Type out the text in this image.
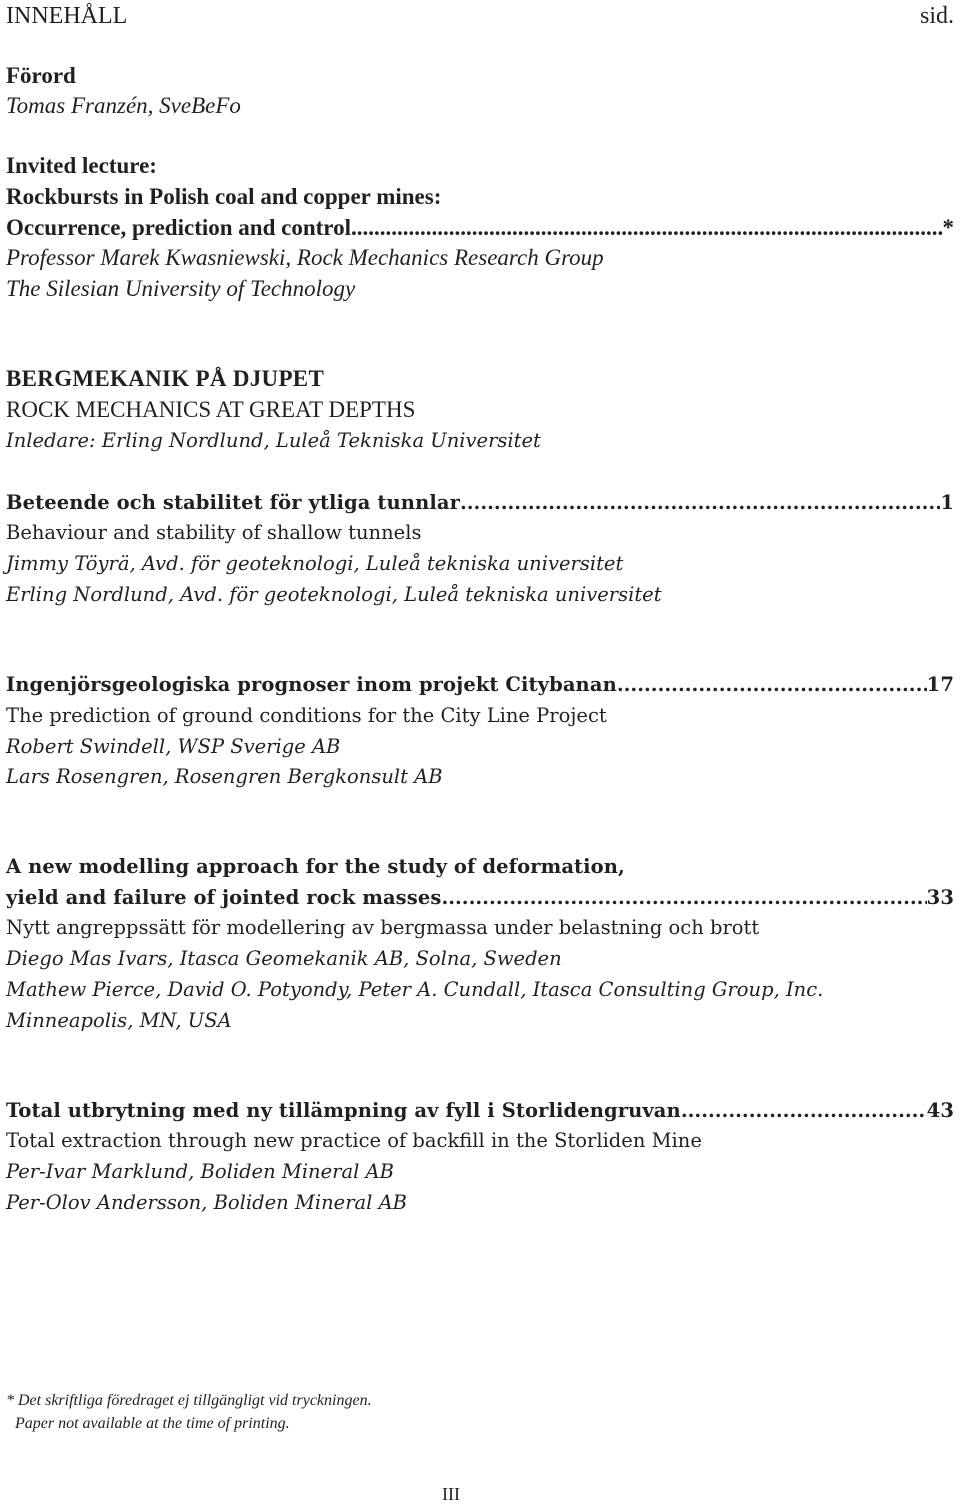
INNEHÅLL	sid.
Förord
Tomas Franzén, SveBeFo
Invited lecture:
Rockbursts in Polish coal and copper mines:
Occurrence, prediction and control .....	*
Professor Marek Kwasniewski, Rock Mechanics Research Group
The Silesian University of Technology
BERGMEKANIK PÅ DJUPET
ROCK MECHANICS AT GREAT DEPTHS
Inledare: Erling Nordlund, Luleå Tekniska Universitet
Beteende och stabilitet för ytliga tunnlar .....	1
Behaviour and stability of shallow tunnels
Jimmy Töyrä, Avd. för geoteknologi, Luleå tekniska universitet
Erling Nordlund, Avd. för geoteknologi, Luleå tekniska universitet
Ingenjörsgeologiska prognoser inom projekt Citybanan .....	17
The prediction of ground conditions for the City Line Project
Robert Swindell, WSP Sverige AB
Lars Rosengren, Rosengren Bergkonsult AB
A new modelling approach for the study of deformation,
yield and failure of jointed rock masses .....	33
Nytt angreppssätt för modellering av bergmassa under belastning och brott
Diego Mas Ivars, Itasca Geomekanik AB, Solna, Sweden
Mathew Pierce, David O. Potyondy, Peter A. Cundall, Itasca Consulting Group, Inc.
Minneapolis, MN, USA
Total utbrytning med ny tillämpning av fyll i Storlidengruvan .....	43
Total extraction through new practice of backfill in the Storliden Mine
Per-Ivar Marklund, Boliden Mineral AB
Per-Olov Andersson, Boliden Mineral AB
* Det skriftliga föredraget ej tillgängligt vid tryckningen.
Paper not available at the time of printing.
III
